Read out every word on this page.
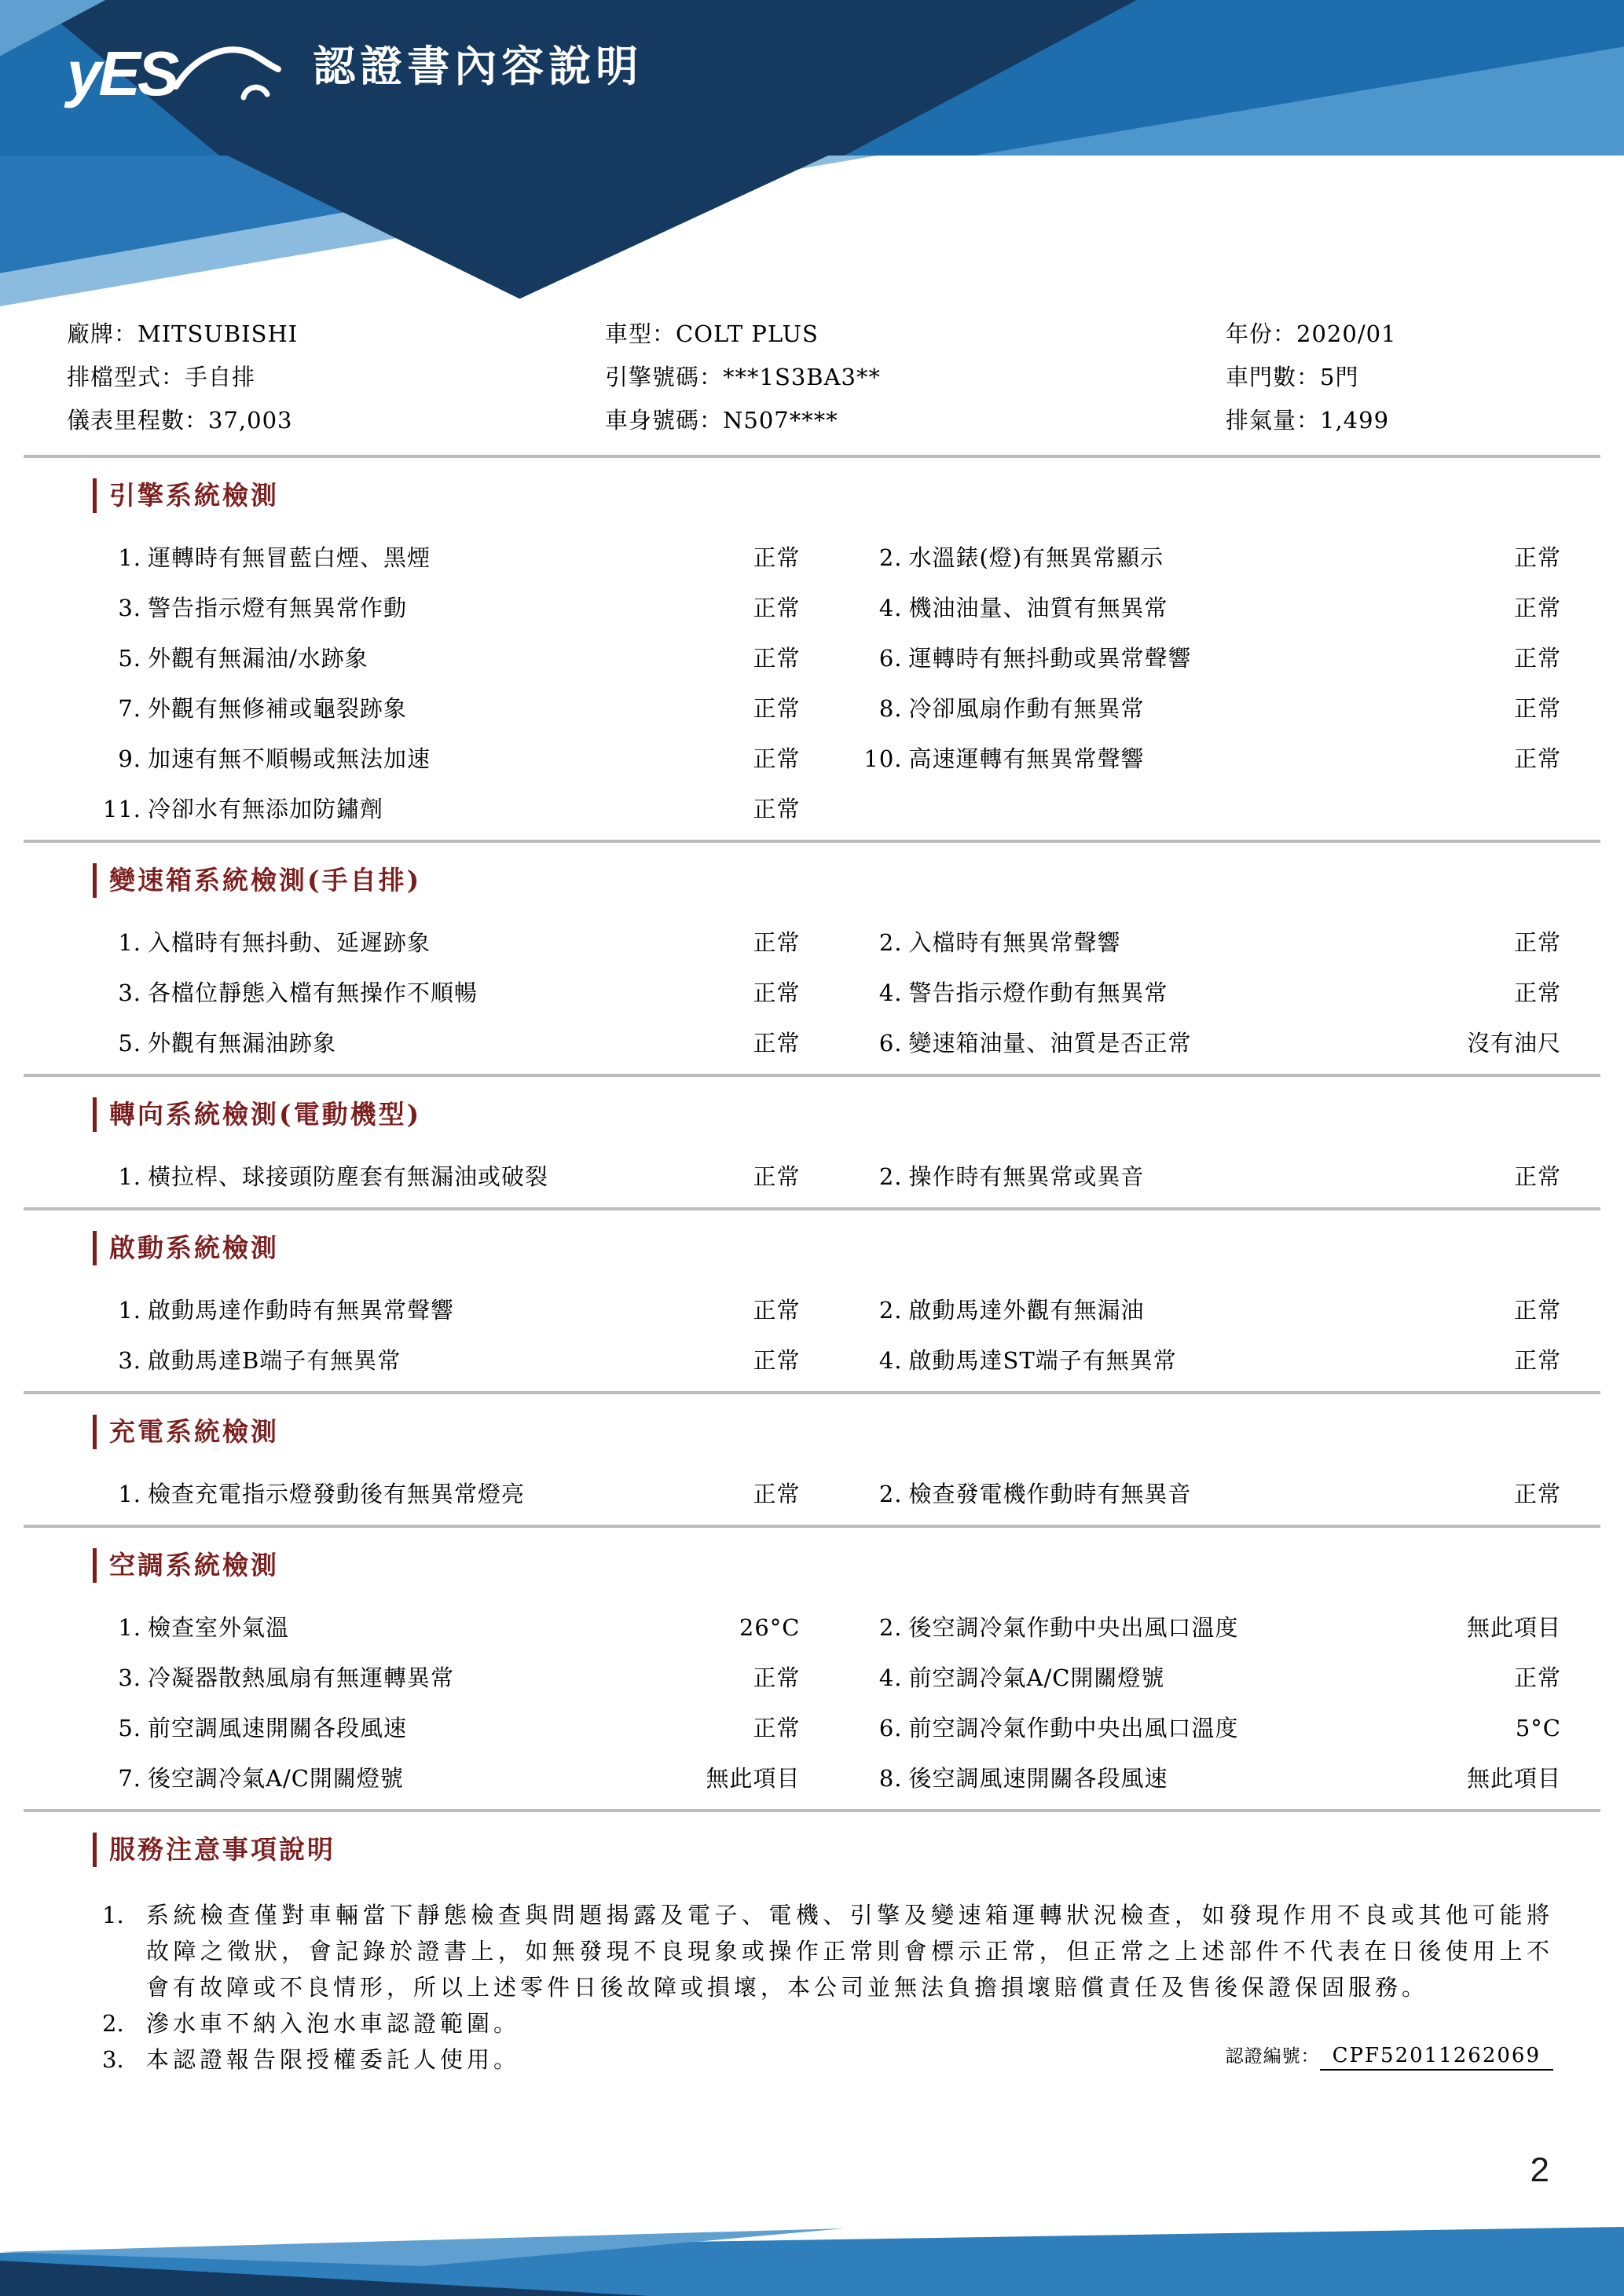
yES	認證書內容說明
廠牌：MITSUBISHI	車型：COLT PLUS	年份：2020/01
排檔型式：手自排	引擎號碼：***1S3BA3**	車門數：5門
儀表里程數：37,003	車身號碼：N507****	排氣量：1,499
引擎系統檢測
1. 運轉時有無冒藍白煙、黑煙	正常	2. 水溫錶(燈)有無異常顯示	正常
3. 警告指示燈有無異常作動	正常	4. 機油油量、油質有無異常	正常
5. 外觀有無漏油/水跡象	正常	6. 運轉時有無抖動或異常聲響	正常
7. 外觀有無修補或龜裂跡象	正常	8. 冷卻風扇作動有無異常	正常
9. 加速有無不順暢或無法加速	正常	10. 高速運轉有無異常聲響	正常
11. 冷卻水有無添加防鏽劑	正常
變速箱系統檢測(手自排)
1. 入檔時有無抖動、延遲跡象	正常	2. 入檔時有無異常聲響	正常
3. 各檔位靜態入檔有無操作不順暢	正常	4. 警告指示燈作動有無異常	正常
5. 外觀有無漏油跡象	正常	6. 變速箱油量、油質是否正常	沒有油尺
轉向系統檢測(電動機型)
1. 橫拉桿、球接頭防塵套有無漏油或破裂	正常	2. 操作時有無異常或異音	正常
啟動系統檢測
1. 啟動馬達作動時有無異常聲響	正常	2. 啟動馬達外觀有無漏油	正常
3. 啟動馬達B端子有無異常	正常	4. 啟動馬達ST端子有無異常	正常
充電系統檢測
1. 檢查充電指示燈發動後有無異常燈亮	正常	2. 檢查發電機作動時有無異音	正常
空調系統檢測
1. 檢查室外氣溫	26°C	2. 後空調冷氣作動中央出風口溫度	無此項目
3. 冷凝器散熱風扇有無運轉異常	正常	4. 前空調冷氣A/C開關燈號	正常
5. 前空調風速開關各段風速	正常	6. 前空調冷氣作動中央出風口溫度	5°C
7. 後空調冷氣A/C開關燈號	無此項目	8. 後空調風速開關各段風速	無此項目
服務注意事項說明
1. 系統檢查僅對車輛當下靜態檢查與問題揭露及電子、電機、引擎及變速箱運轉狀況檢查，如發現作用不良或其他可能將故障之徵狀，會記錄於證書上，如無發現不良現象或操作正常則會標示正常，但正常之上述部件不代表在日後使用上不會有故障或不良情形，所以上述零件日後故障或損壞，本公司並無法負擔損壞賠償責任及售後保證保固服務。
2. 滲水車不納入泡水車認證範圍。
3. 本認證報告限授權委託人使用。	認證編號： CPF52011262069
2
